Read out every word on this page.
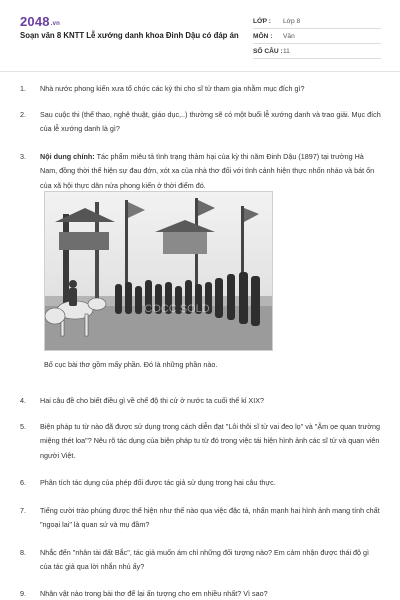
2048.vn
Soạn văn 8 KNTT Lễ xướng danh khoa Đinh Dậu có đáp án
LỚP :	Lớp 8
MÔN :	Văn
SỐ CÂU : 11
1.	Nhà nước phong kiến xưa tổ chức các kỳ thi cho sĩ tử tham gia nhằm mục đích gì?
2.	Sau cuộc thi (thể thao, nghệ thuật, giáo dục,..) thường sẽ có một buổi lễ xướng danh và trao giải. Mục đích của lễ xướng danh là gì?
3.	Nội dung chính: Tác phẩm miêu tả tình trạng thảm hại của kỳ thi năm Đinh Dậu (1897) tại trường Hà Nam, đồng thời thể hiện sự đau đớn, xót xa của nhà thơ đối với tình cảnh hiện thực nhốn nháo và bát ốn của xã hội thực dân nửa phong kiến ở thời điểm đó.
4.	Hai câu đề cho biết điều gì về chế độ thi cử ở nước ta cuối thế kỉ XIX?
5.	Biện pháp tu từ nào đã được sử dụng trong cách diễn đạt "Lôi thôi sĩ tử vai đeo lọ" và "Ậm ọe quan trường miệng thét loa"? Nêu rõ tác dụng của biện pháp tu từ đó trong việc tái hiện hình ảnh các sĩ tử và quan viên người Việt.
6.	Phân tích tác dụng của phép đối được tác giả sử dụng trong hai câu thực.
7.	Tiếng cười trào phúng được thể hiện như thế nào qua việc đặc tả, nhấn mạnh hai hình ảnh mang tính chất "ngoại lai" là quan sứ và mụ đầm?
8.	Nhắc đến "nhân tài đất Bắc", tác giả muốn ám chỉ những đối tượng nào? Em cảm nhận được thái độ gì của tác giả qua lời nhắn nhủ ấy?
9.	Nhân vật nào trong bài thơ để lại ấn tượng cho em nhiều nhất? Vì sao?
COCC SOLD
Bố cục bài thơ gồm mấy phần. Đó là những phần nào.
